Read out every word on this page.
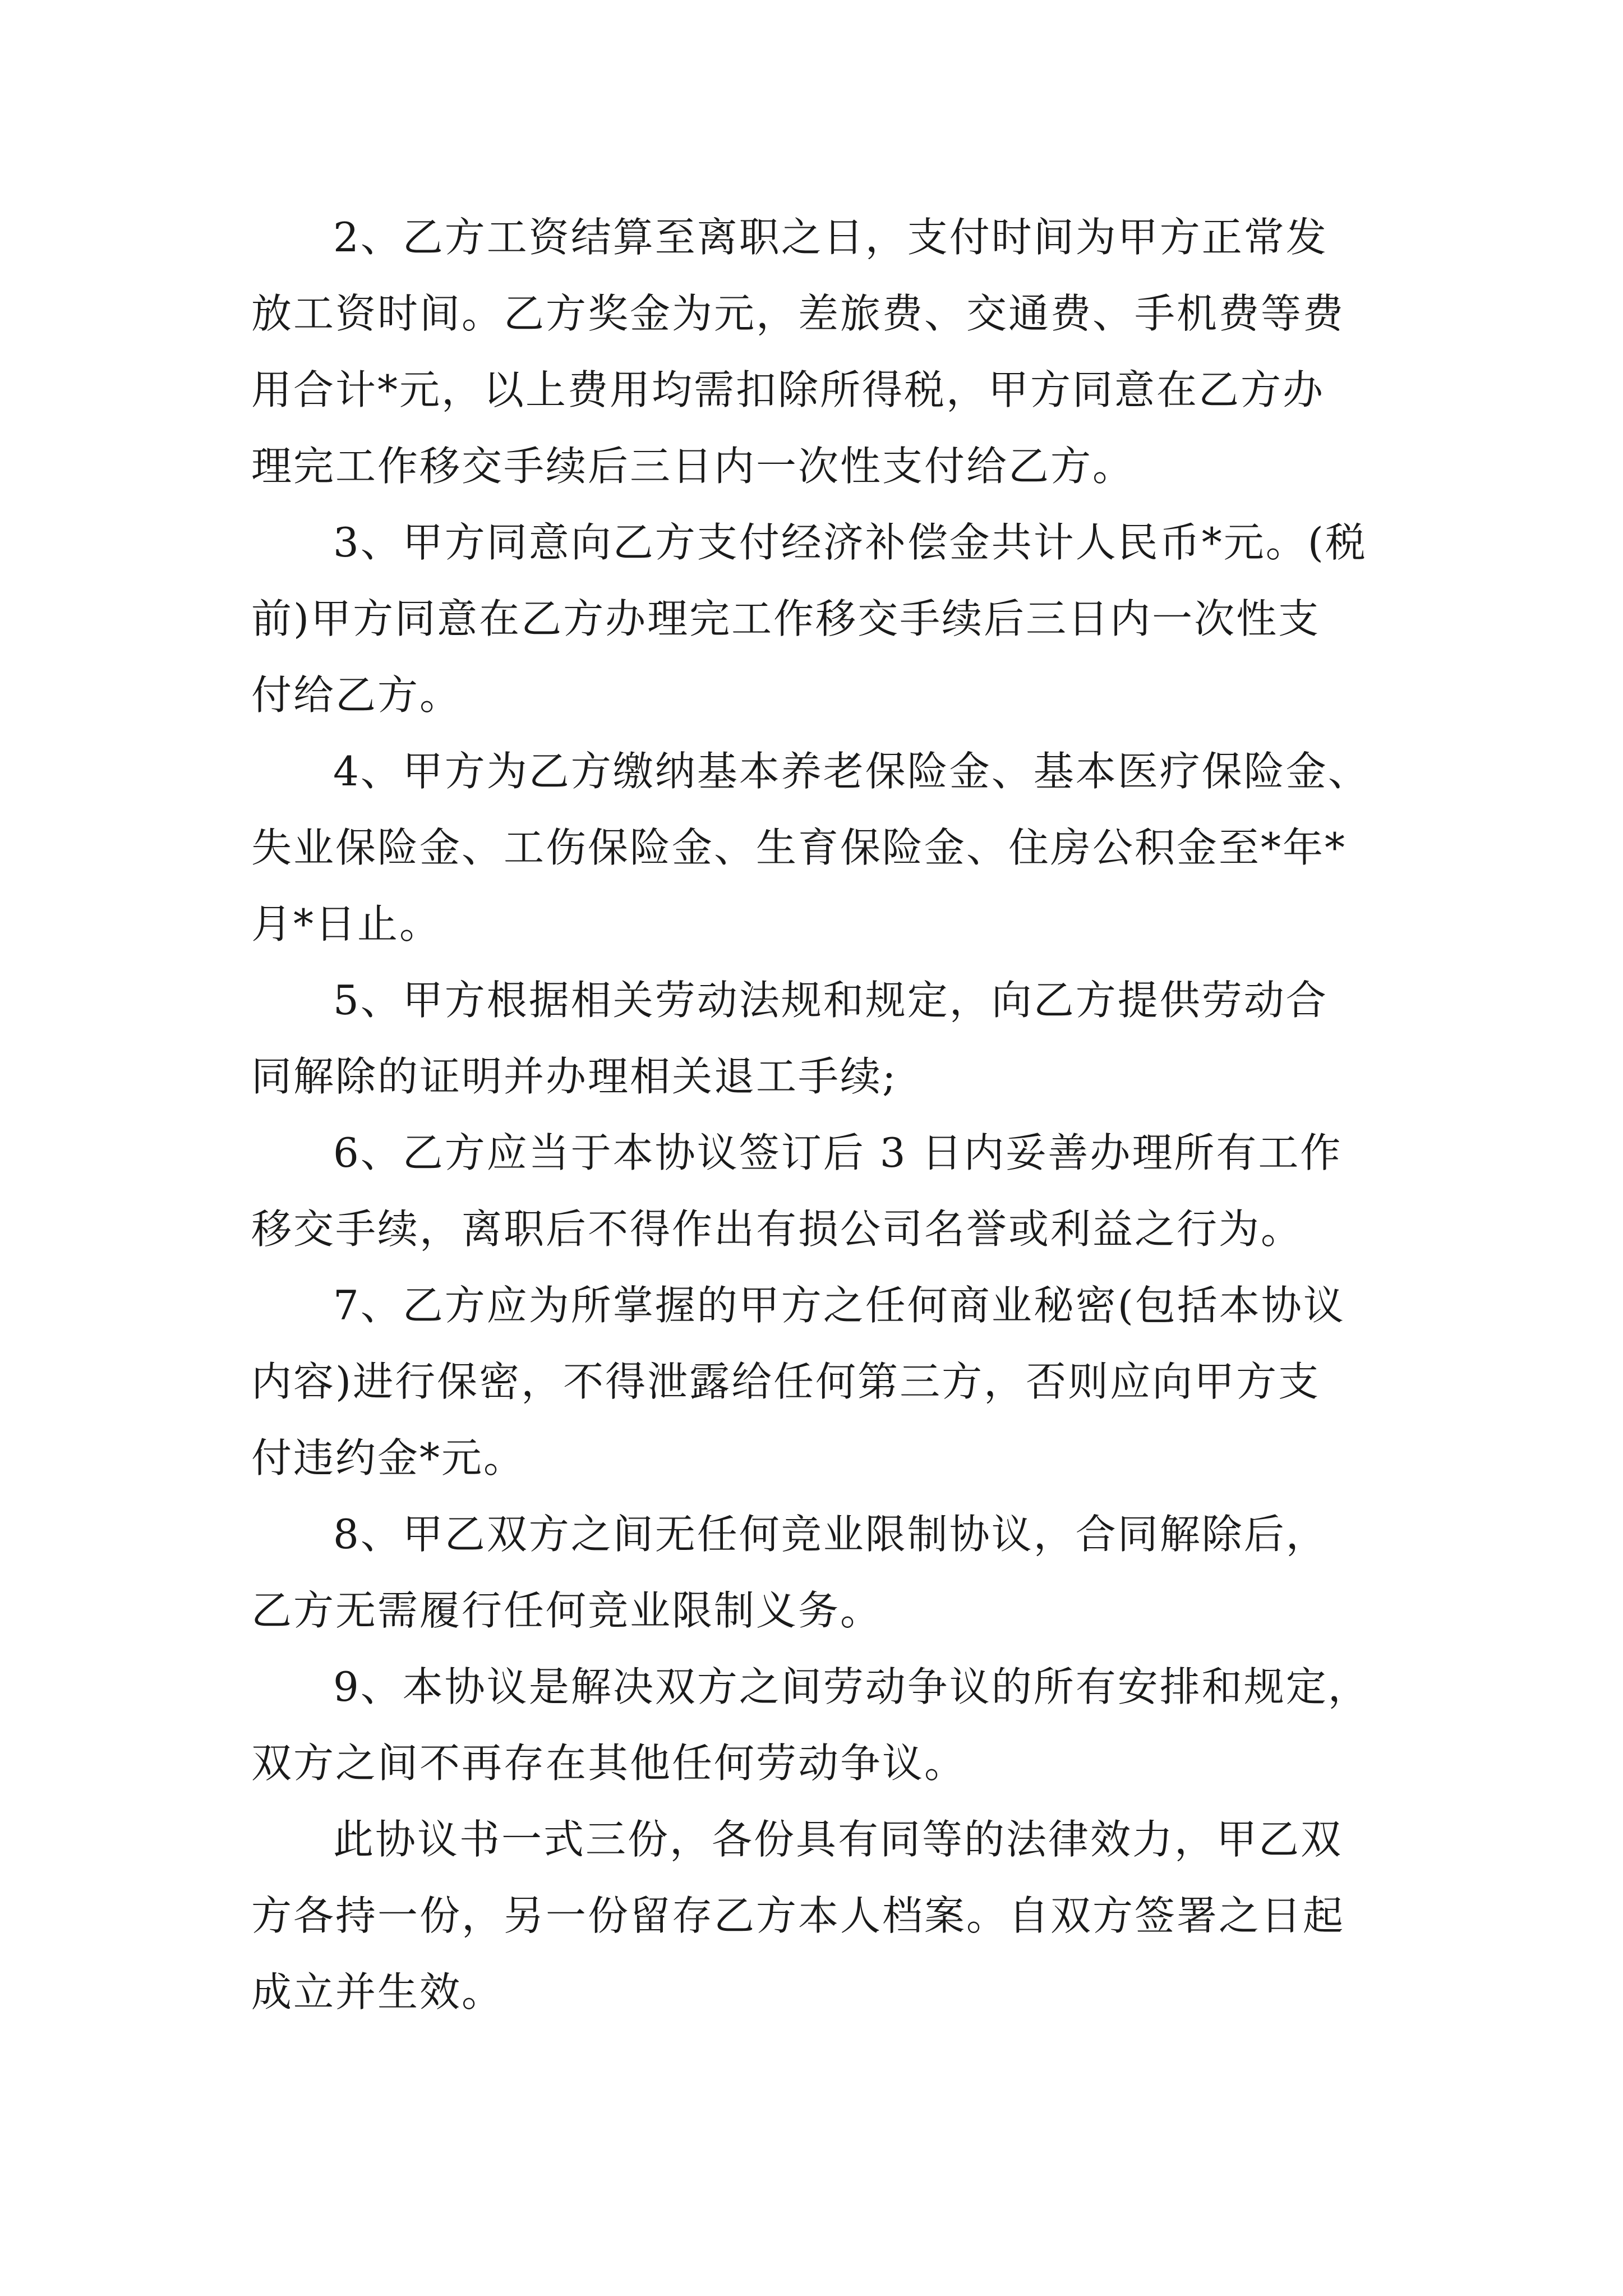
2、乙方工资结算至离职之日，支付时间为甲方正常发
放工资时间。乙方奖金为元，差旅费、交通费、手机费等费
用合计*元，以上费用均需扣除所得税，甲方同意在乙方办
理完工作移交手续后三日内一次性支付给乙方。
3、甲方同意向乙方支付经济补偿金共计人民币*元。(税
前)甲方同意在乙方办理完工作移交手续后三日内一次性支
付给乙方。
4、甲方为乙方缴纳基本养老保险金、基本医疗保险金、
失业保险金、工伤保险金、生育保险金、住房公积金至*年*
月*日止。
5、甲方根据相关劳动法规和规定，向乙方提供劳动合
同解除的证明并办理相关退工手续;
6、乙方应当于本协议签订后 3 日内妥善办理所有工作
移交手续，离职后不得作出有损公司名誉或利益之行为。
7、乙方应为所掌握的甲方之任何商业秘密(包括本协议
内容)进行保密，不得泄露给任何第三方，否则应向甲方支
付违约金*元。
8、甲乙双方之间无任何竞业限制协议，合同解除后，
乙方无需履行任何竞业限制义务。
9、本协议是解决双方之间劳动争议的所有安排和规定，
双方之间不再存在其他任何劳动争议。
此协议书一式三份，各份具有同等的法律效力，甲乙双
方各持一份，另一份留存乙方本人档案。自双方签署之日起
成立并生效。
